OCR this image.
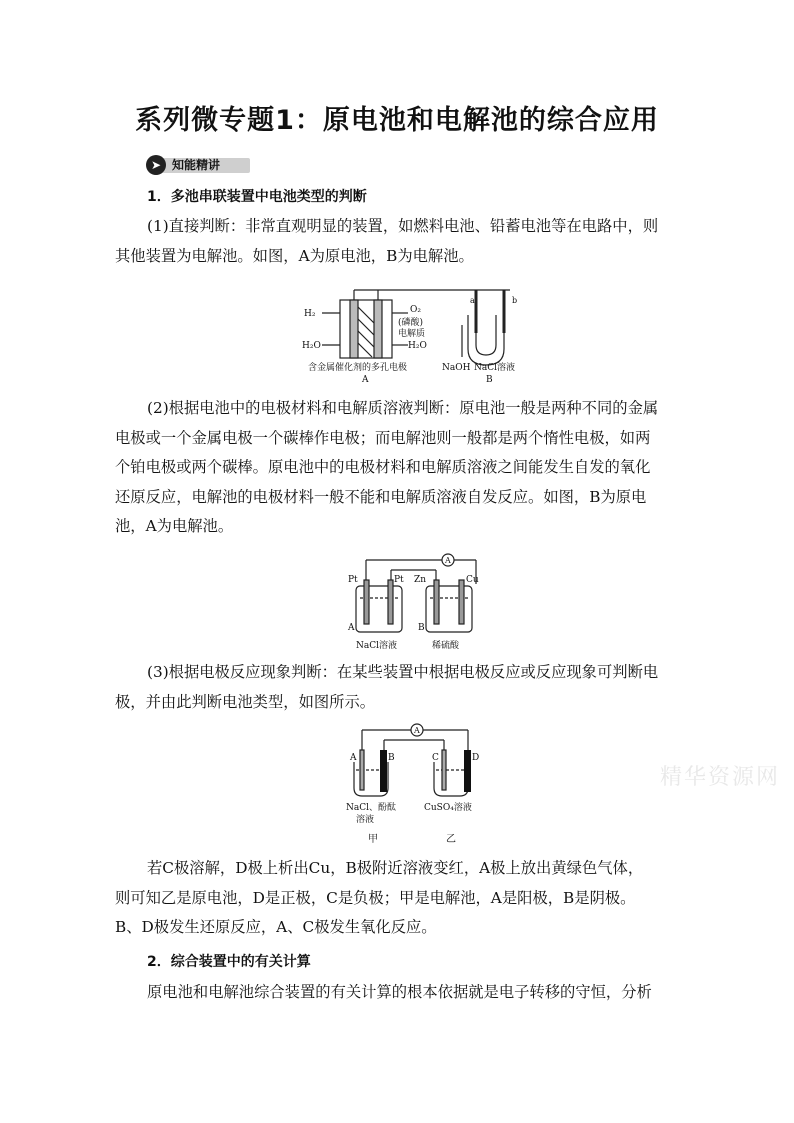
系列微专题1：原电池和电解池的综合应用
知能精讲
➤
1．多池串联装置中电池类型的判断

(1)直接判断：非常直观明显的装置，如燃料电池、铅蓄电池等在电路中，则
其他装置为电解池。如图，A为原电池，B为电解池。

H₂
H₂O
O₂
(磷酸)
电解质
H₂O
含金属催化剂的多孔电极
A
a	b
NaOH NaCl溶液
B

(2)根据电池中的电极材料和电解质溶液判断：原电池一般是两种不同的金属
电极或一个金属电极一个碳棒作电极；而电解池则一般都是两个惰性电极，如两
个铂电极或两个碳棒。原电池中的电极材料和电解质溶液之间能发生自发的氧化
还原反应，电解池的电极材料一般不能和电解质溶液自发反应。如图，B为原电
池，A为电解池。

A
Pt	Pt Zn	Cu
A	B
NaCl溶液	稀硫酸

(3)根据电极反应现象判断：在某些装置中根据电极反应或反应现象可判断电
极，并由此判断电池类型，如图所示。

A
A	B	C	D
NaCl、酚酞
溶液
CuSO₄溶液
甲	乙

若C极溶解，D极上析出Cu，B极附近溶液变红，A极上放出黄绿色气体，
则可知乙是原电池，D是正极，C是负极；甲是电解池，A是阳极，B是阴极。
B、D极发生还原反应，A、C极发生氧化反应。

2．综合装置中的有关计算

原电池和电解池综合装置的有关计算的根本依据就是电子转移的守恒，分析

精华资源网
